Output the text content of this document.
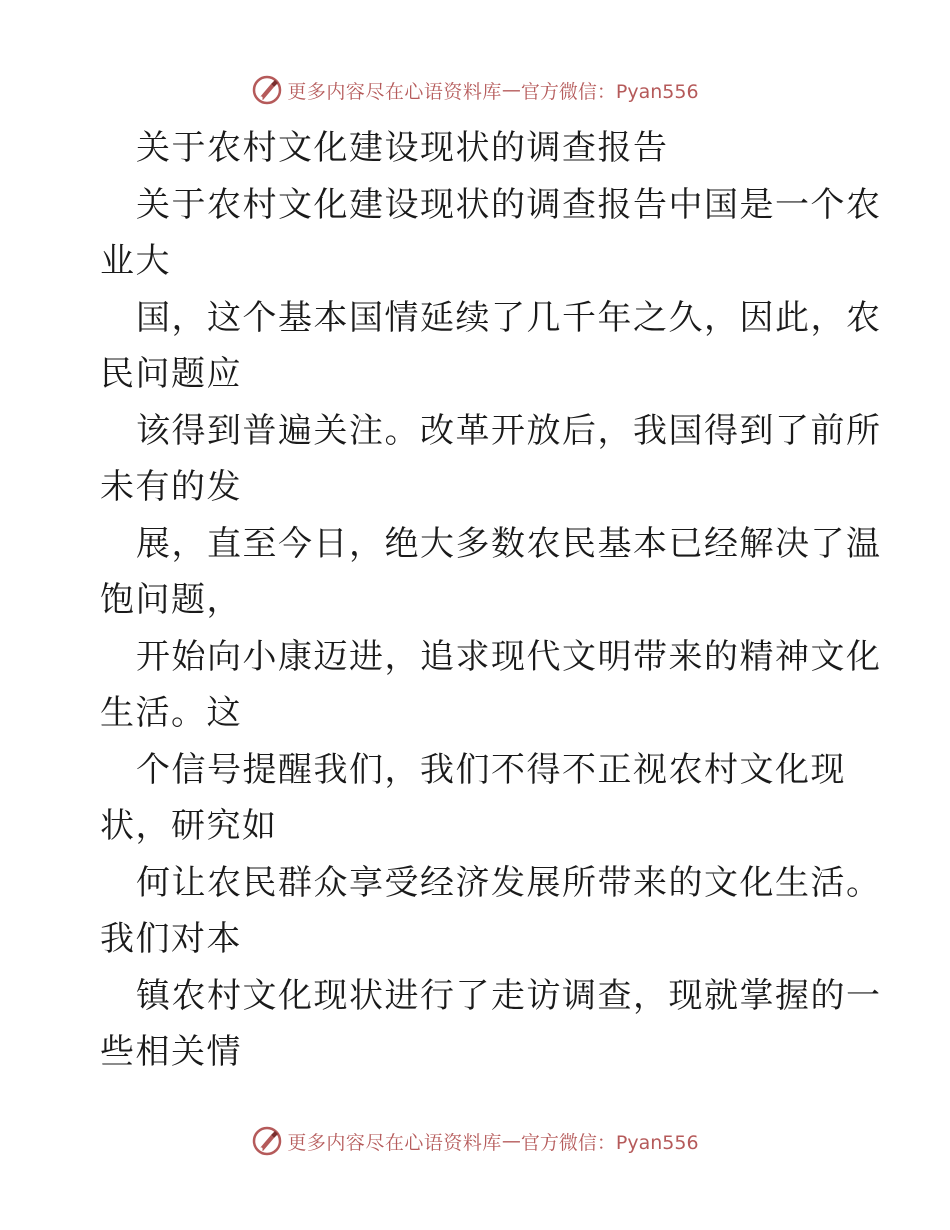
更多内容尽在心语资料库 — 官方微信：Pyan556
关于农村文化建设现状的调查报告
关于农村文化建设现状的调查报告中国是一个农
业大
国，这个基本国情延续了几千年之久，因此，农
民问题应
该得到普遍关注。改革开放后，我国得到了前所
未有的发
展，直至今日，绝大多数农民基本已经解决了温
饱问题，
开始向小康迈进，追求现代文明带来的精神文化
生活。这
个信号提醒我们，我们不得不正视农村文化现
状，研究如
何让农民群众享受经济发展所带来的文化生活。
我们对本
镇农村文化现状进行了走访调查，现就掌握的一
些相关情
更多内容尽在心语资料库 — 官方微信：Pyan556
